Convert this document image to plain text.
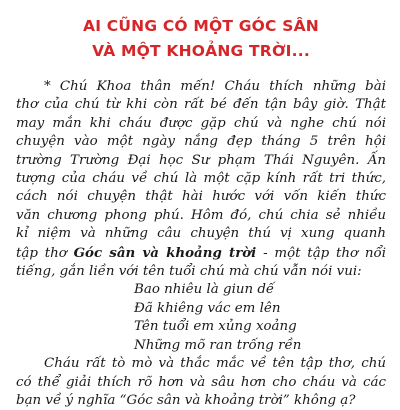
AI CŨNG CÓ MỘT GÓC SÂN

VÀ MỘT KHOẢNG TRỜI...

* Chú Khoa thân mến! Cháu thích những bài
thơ của chú từ khi còn rất bé đến tận bây giờ. Thật
may mắn khi cháu được gặp chú và nghe chú nói
chuyện vào một ngày nắng đẹp tháng 5 trên hội
trường Trường Đại học Sư phạm Thái Nguyên. Ấn
tượng của cháu về chú là một cặp kính rất tri thức,
cách nói chuyện thật hài hước với vốn kiến thức
văn chương phong phú. Hôm đó, chú chia sẻ nhiều
kỉ niệm và những câu chuyện thú vị xung quanh
tập thơ Góc sân và khoảng trời - một tập thơ nổi
tiếng, gắn liền với tên tuổi chú mà chú vẫn nói vui:

Bao nhiêu là giun dế
Đã khiêng vác em lên
Tên tuổi em xủng xoảng
Những mõ ran trống rền

Cháu rất tò mò và thắc mắc về tên tập thơ, chú
có thể giải thích rõ hơn và sâu hơn cho cháu và các
bạn về ý nghĩa “Góc sân và khoảng trời” không ạ?
